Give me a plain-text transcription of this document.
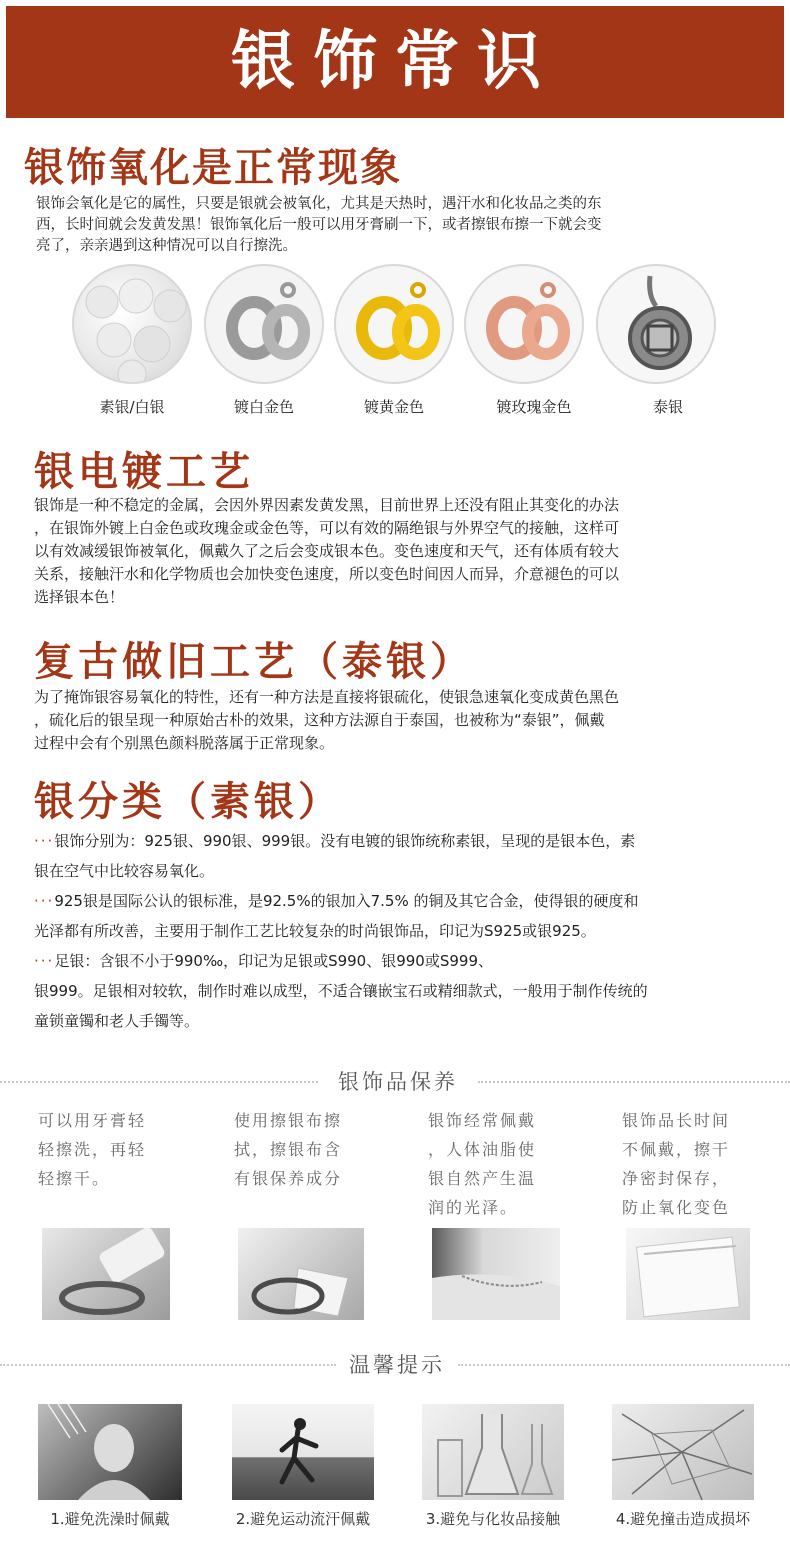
银饰常识
银饰氧化是正常现象

银饰会氧化是它的属性，只要是银就会被氧化，尤其是天热时，遇汗水和化妆品之类的东

西，长时间就会发黄发黑！银饰氧化后一般可以用牙膏刷一下，或者擦银布擦一下就会变

亮了，亲亲遇到这种情况可以自行擦洗。

素银/白银	镀白金色	镀黄金色	镀玫瑰金色	泰银
银电镀工艺

银饰是一种不稳定的金属，会因外界因素发黄发黑，目前世界上还没有阻止其变化的办法

，在银饰外镀上白金色或玫瑰金或金色等，可以有效的隔绝银与外界空气的接触，这样可

以有效减缓银饰被氧化，佩戴久了之后会变成银本色。变色速度和天气，还有体质有较大

关系，接触汗水和化学物质也会加快变色速度，所以变色时间因人而异，介意褪色的可以

选择银本色！

复古做旧工艺（泰银）

为了掩饰银容易氧化的特性，还有一种方法是直接将银硫化，使银急速氧化变成黄色黑色

，硫化后的银呈现一种原始古朴的效果，这种方法源自于泰国，也被称为“泰银”，佩戴

过程中会有个别黑色颜料脱落属于正常现象。

银分类（素银）

···银饰分别为：925银、990银、999银。没有电镀的银饰统称素银，呈现的是银本色，素

银在空气中比较容易氧化。

···925银是国际公认的银标准，是92.5%的银加入7.5% 的铜及其它合金，使得银的硬度和

光泽都有所改善，主要用于制作工艺比较复杂的时尚银饰品，印记为S925或银925。

···足银：含银不小于990‰，印记为足银或S990、银990或S999、

银999。足银相对较软，制作时难以成型，不适合镶嵌宝石或精细款式，一般用于制作传统的

童锁童镯和老人手镯等。

银饰品保养
可以用牙膏轻
轻擦洗，再轻
轻擦干。
使用擦银布擦
拭，擦银布含
有银保养成分
银饰经常佩戴
，人体油脂使
银自然产生温
润的光泽。
银饰品长时间
不佩戴，擦干
净密封保存，
防止氧化变色
温馨提示
1.避免洗澡时佩戴	2.避免运动流汗佩戴	3.避免与化妆品接触	4.避免撞击造成损坏
